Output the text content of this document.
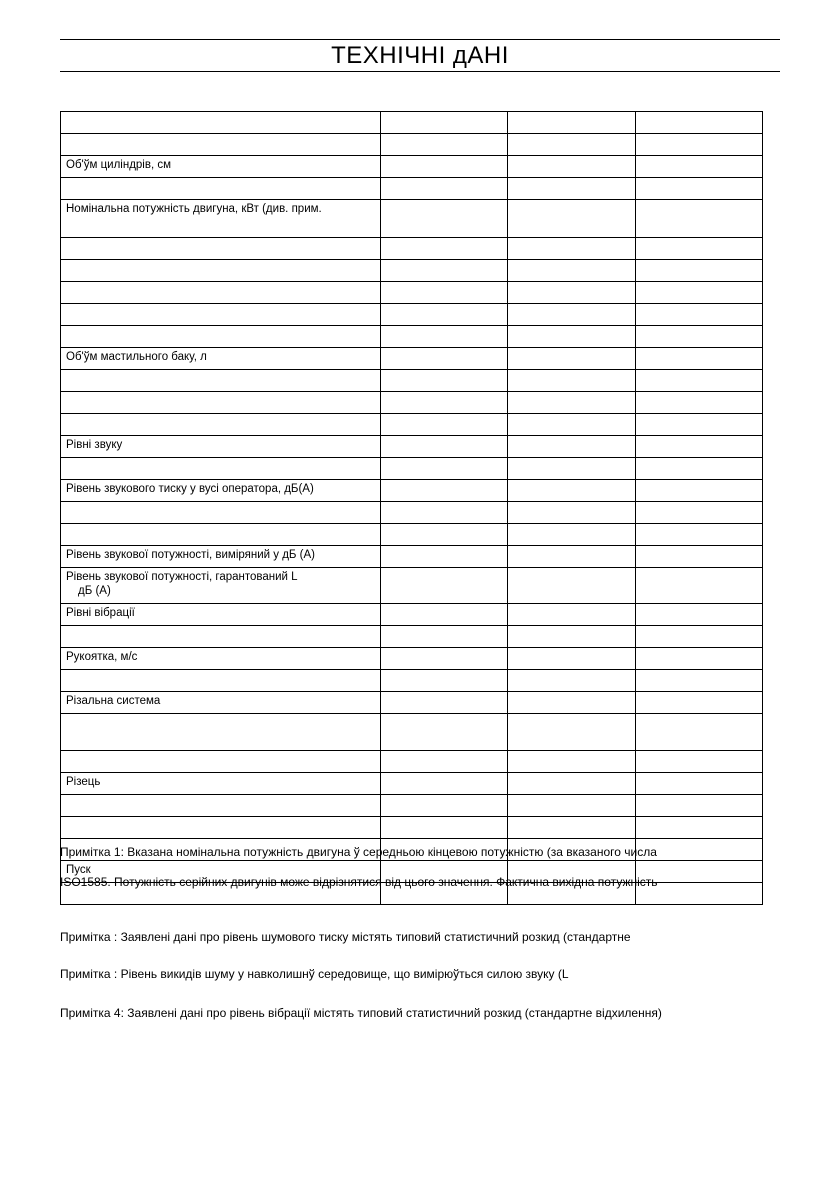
ТЕХНІЧНІ дАНІ

Об'ўм циліндрів, см			

Номінальна потужність двигуна, кВт (див. прим.			

Об'ўм мастильного баку, л			

Рівні звуку			

Рівень звукового тиску у вусі оператора, дБ(A)			

Рівень звукової потужності, виміряний у дБ (A)			
Рівень звукової потужності, гарантований L
дБ (A)			

Рівні вібрації			

Рукоятка, м/с			

Різальна система			

Різець			

Пуск			

Примітка 1: Вказана номінальна потужність двигуна ў середньою кінцевою потужністю (за вказаного числа
ISO1585. Потужність серійних двигунів може відрізнятися від цього значення. Фактична вихідна потужність
Примітка : Заявлені дані про рівень шумового тиску містять типовий статистичний розкид (стандартне
Примітка : Рівень викидів шуму у навколишнў середовище, що вимірюўться силою звуку (L
Примітка 4: Заявлені дані про рівень вібрації містять типовий статистичний розкид (стандартне відхилення)
